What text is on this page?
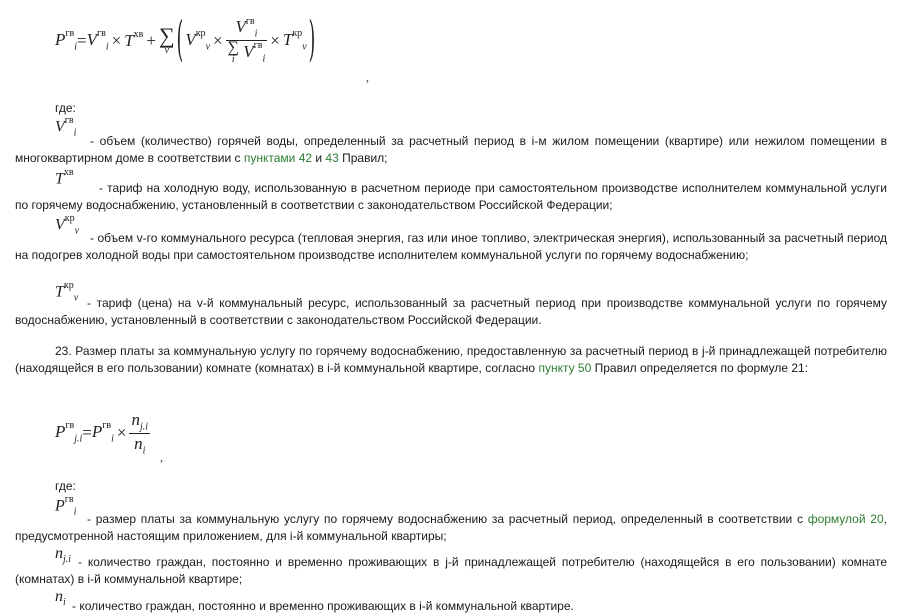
$P^{гв}_i = V^{гв}_i \times T^{хв}$ + ∑
ν ( $V^{кр}_\nu \times V^{гв}_i$
∑
i $V^{гв}_i \times T^{кр}_\nu$ )
,
где:
$V^{гв}_i$
- объем (количество) горячей воды, определенный за расчетный период в i-м жилом помещении (квартире) или нежилом помещении в многоквартирном доме в соответствии с пунктами 42 и 43 Правил;
$T^{хв}$
- тариф на холодную воду, использованную в расчетном периоде при самостоятельном производстве исполнителем коммунальной услуги по горячему водоснабжению, установленный в соответствии с законодательством Российской Федерации;
$V^{кр}_\nu$ - объем v-го коммунального ресурса (тепловая энергия, газ или иное топливо, электрическая энергия), использованный за расчетный период на подогрев холодной воды при самостоятельном производстве исполнителем коммунальной услуги по горячему водоснабжению;
$T^{кр}_\nu$ - тариф (цена) на v-й коммунальный ресурс, использованный за расчетный период при производстве коммунальной услуги по горячему водоснабжению, установленный в соответствии с законодательством Российской Федерации.
23. Размер платы за коммунальную услугу по горячему водоснабжению, предоставленную за расчетный период в j-й принадлежащей потребителю (находящейся в его пользовании) комнате (комнатах) в i-й коммунальной квартире, согласно пункту 50 Правил определяется по формуле 21:
$P^{гв}_{j.i} = P^{гв}_i \times \frac{n_{j.i}}{n_i}$
,
где:
$P^{гв}_i$ - размер платы за коммунальную услугу по горячему водоснабжению за расчетный период, определенный в соответствии с формулой 20, предусмотренной настоящим приложением, для i-й коммунальной квартиры;
$n_{j.i}$ - количество граждан, постоянно и временно проживающих в j-й принадлежащей потребителю (находящейся в его пользовании) комнате (комнатах) в i-й коммунальной квартире;
$n_i$ - количество граждан, постоянно и временно проживающих в i-й коммунальной квартире.
